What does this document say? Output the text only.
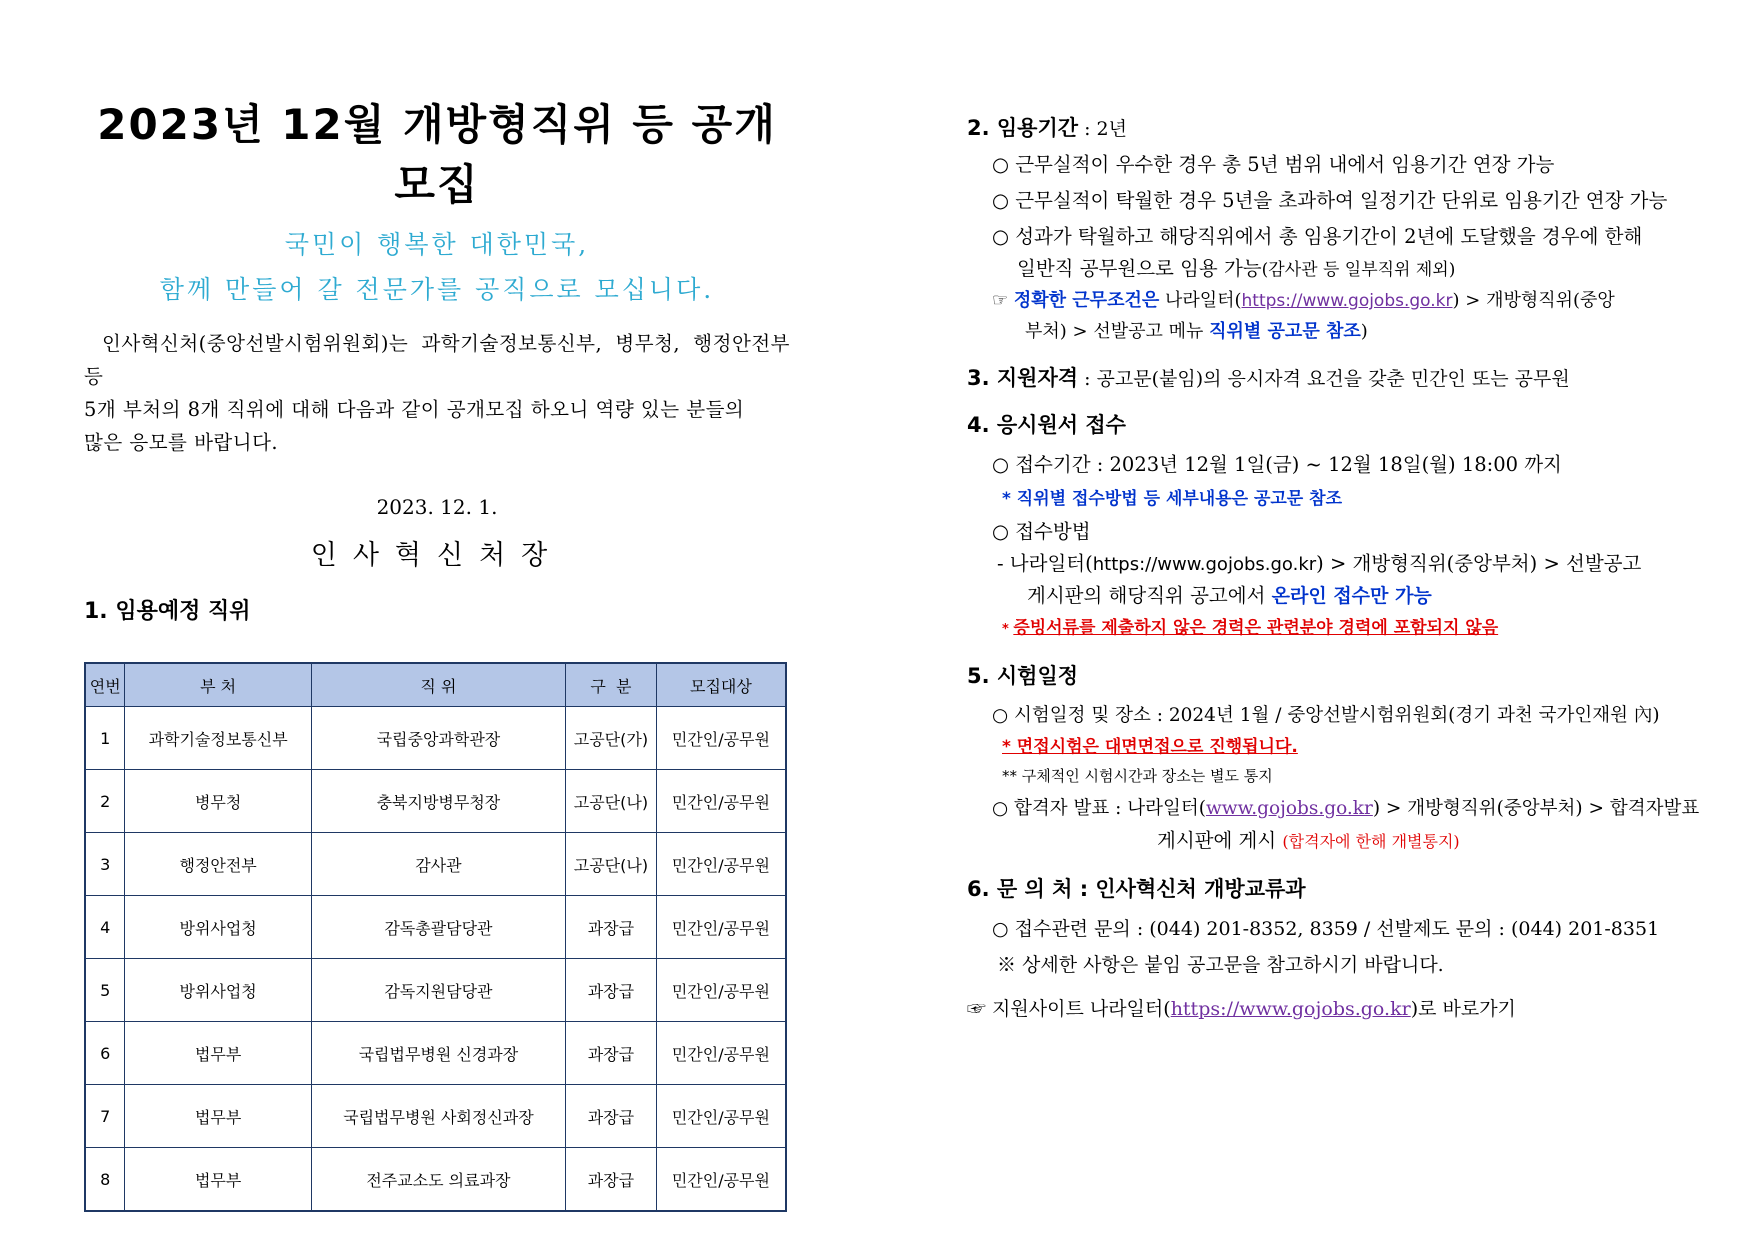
2023년 12월 개방형직위 등 공개모집
국민이 행복한 대한민국,
함께 만들어 갈 전문가를 공직으로 모십니다.
인사혁신처(중앙선발시험위원회)는 과학기술정보통신부, 병무청, 행정안전부 등
5개 부처의 8개 직위에 대해 다음과 같이 공개모집 하오니 역량 있는 분들의
많은 응모를 바랍니다.
2023. 12. 1.
인사혁신처장
1. 임용예정 직위
연번	부 처	직 위	구  분	모집대상
1	과학기술정보통신부	국립중앙과학관장	고공단(가)	민간인/공무원
2	병무청	충북지방병무청장	고공단(나)	민간인/공무원
3	행정안전부	감사관	고공단(나)	민간인/공무원
4	방위사업청	감독총괄담당관	과장급	민간인/공무원
5	방위사업청	감독지원담당관	과장급	민간인/공무원
6	법무부	국립법무병원 신경과장	과장급	민간인/공무원
7	법무부	국립법무병원 사회정신과장	과장급	민간인/공무원
8	법무부	전주교소도 의료과장	과장급	민간인/공무원
2. 임용기간 : 2년
○ 근무실적이 우수한 경우 총 5년 범위 내에서 임용기간 연장 가능
○ 근무실적이 탁월한 경우 5년을 초과하여 일정기간 단위로 임용기간 연장 가능
○ 성과가 탁월하고 해당직위에서 총 임용기간이 2년에 도달했을 경우에 한해
일반직 공무원으로 임용 가능(감사관 등 일부직위 제외)
☞ 정확한 근무조건은 나라일터(https://www.gojobs.go.kr) > 개방형직위(중앙
부처) > 선발공고 메뉴 직위별 공고문 참조)
3. 지원자격 : 공고문(붙임)의 응시자격 요건을 갖춘 민간인 또는 공무원
4. 응시원서 접수
○ 접수기간 : 2023년 12월 1일(금) ~ 12월 18일(월) 18:00 까지
* 직위별 접수방법 등 세부내용은 공고문 참조
○ 접수방법
- 나라일터(https://www.gojobs.go.kr) > 개방형직위(중앙부처) > 선발공고
게시판의 해당직위 공고에서 온라인 접수만 가능
* 증빙서류를 제출하지 않은 경력은 관련분야 경력에 포함되지 않음
5. 시험일정
○ 시험일정 및 장소 : 2024년 1월 / 중앙선발시험위원회(경기 과천 국가인재원 內)
* 면접시험은 대면면접으로 진행됩니다.
** 구체적인 시험시간과 장소는 별도 통지
○ 합격자 발표 : 나라일터(www.gojobs.go.kr) > 개방형직위(중앙부처) > 합격자발표
게시판에 게시 (합격자에 한해 개별통지)
6. 문 의 처 : 인사혁신처 개방교류과
○ 접수관련 문의 : (044) 201-8352, 8359 / 선발제도 문의 : (044) 201-8351
※ 상세한 사항은 붙임 공고문을 참고하시기 바랍니다.
☞ 지원사이트 나라일터(https://www.gojobs.go.kr)로 바로가기
